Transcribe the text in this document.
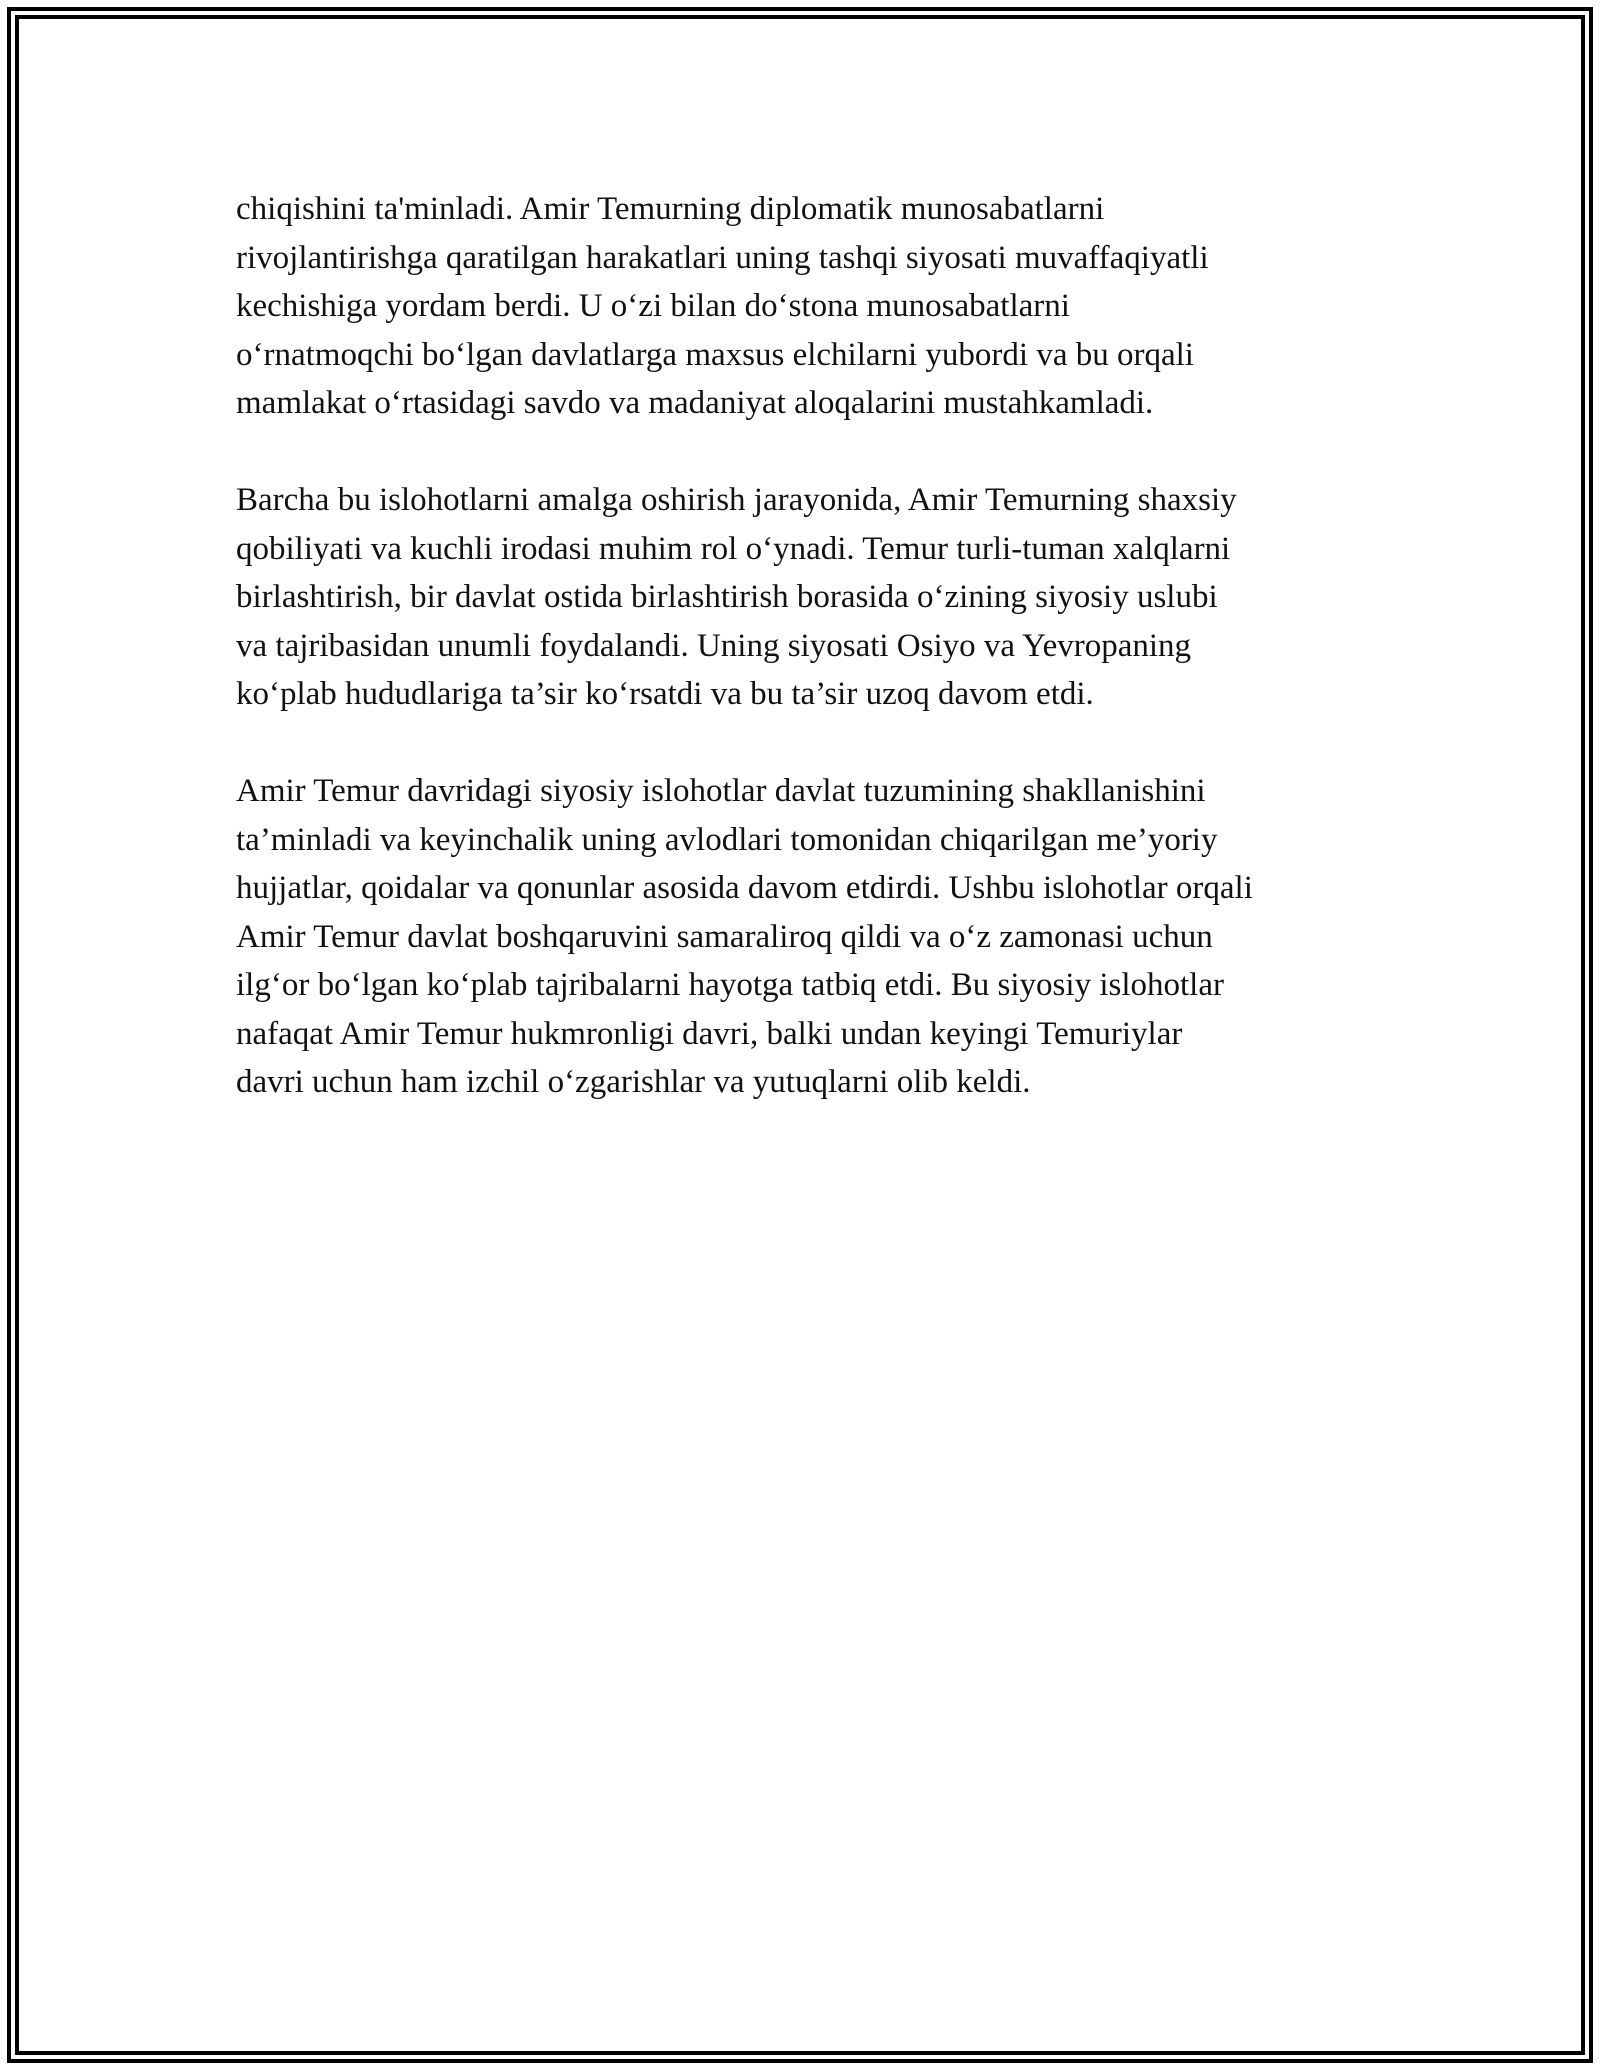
chiqishini ta'minladi. Amir Temurning diplomatik munosabatlarni
rivojlantirishga qaratilgan harakatlari uning tashqi siyosati muvaffaqiyatli
kechishiga yordam berdi. U oʻzi bilan doʻstona munosabatlarni
oʻrnatmoqchi boʻlgan davlatlarga maxsus elchilarni yubordi va bu orqali
mamlakat oʻrtasidagi savdo va madaniyat aloqalarini mustahkamladi.

Barcha bu islohotlarni amalga oshirish jarayonida, Amir Temurning shaxsiy
qobiliyati va kuchli irodasi muhim rol oʻynadi. Temur turli-tuman xalqlarni
birlashtirish, bir davlat ostida birlashtirish borasida oʻzining siyosiy uslubi
va tajribasidan unumli foydalandi. Uning siyosati Osiyo va Yevropaning
koʻplab hududlariga ta’sir koʻrsatdi va bu ta’sir uzoq davom etdi.

Amir Temur davridagi siyosiy islohotlar davlat tuzumining shakllanishini
ta’minladi va keyinchalik uning avlodlari tomonidan chiqarilgan me’yoriy
hujjatlar, qoidalar va qonunlar asosida davom etdirdi. Ushbu islohotlar orqali
Amir Temur davlat boshqaruvini samaraliroq qildi va oʻz zamonasi uchun
ilgʻor boʻlgan koʻplab tajribalarni hayotga tatbiq etdi. Bu siyosiy islohotlar
nafaqat Amir Temur hukmronligi davri, balki undan keyingi Temuriylar
davri uchun ham izchil oʻzgarishlar va yutuqlarni olib keldi.
